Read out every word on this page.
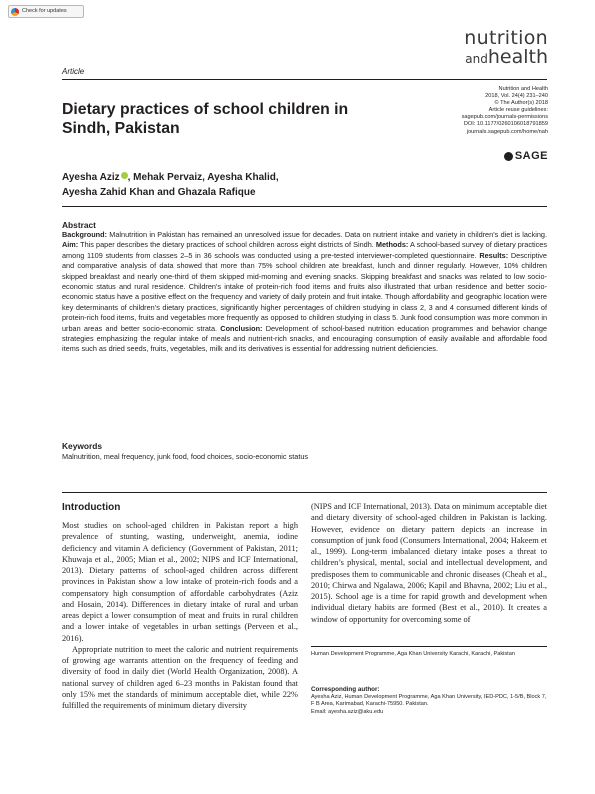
Check for updates
nutrition
andhealth
Article
Nutrition and Health
2018, Vol. 24(4) 231–240
© The Author(s) 2018
Article reuse guidelines:
sagepub.com/journals-permissions
DOI: 10.1177/0260106018791859
journals.sagepub.com/home/nah
SAGE
Dietary practices of school children in Sindh, Pakistan
Ayesha Aziz , Mehak Pervaiz, Ayesha Khalid,
Ayesha Zahid Khan and Ghazala Rafique
Abstract
Background: Malnutrition in Pakistan has remained an unresolved issue for decades. Data on nutrient intake and variety in children’s diet is lacking. Aim: This paper describes the dietary practices of school children across eight districts of Sindh. Methods: A school-based survey of dietary practices among 1109 students from classes 2–5 in 36 schools was conducted using a pre-tested interviewer-completed questionnaire. Results: Descriptive and comparative analysis of data showed that more than 75% school children ate breakfast, lunch and dinner regularly. However, 10% children skipped breakfast and nearly one-third of them skipped mid-morning and evening snacks. Skipping breakfast and snacks was related to low socio-economic status and rural residence. Children’s intake of protein-rich food items and fruits also illustrated that urban residence and better socio-economic status have a positive effect on the frequency and variety of daily protein and fruit intake. Though affordability and geographic location were key determinants of children’s dietary practices, significantly higher percentages of children studying in class 2, 3 and 4 consumed different kinds of protein-rich food items, fruits and vegetables more frequently as opposed to children studying in class 5. Junk food consumption was more common in urban areas and better socio-economic strata. Conclusion: Development of school-based nutrition education programmes and behavior change strategies emphasizing the regular intake of meals and nutrient-rich snacks, and encouraging consumption of easily available and affordable food items such as dried seeds, fruits, vegetables, milk and its derivatives is essential for addressing nutrient deficiencies.
Keywords
Malnutrition, meal frequency, junk food, food choices, socio-economic status
Introduction

Most studies on school-aged children in Pakistan report a high prevalence of stunting, wasting, underweight, anemia, iodine deficiency and vitamin A deficiency (Government of Pakistan, 2011; Khuwaja et al., 2005; Mian et al., 2002; NIPS and ICF International, 2013). Dietary patterns of school-aged children across different provinces in Pakistan show a low intake of protein-rich foods and a compensatory high consumption of affordable carbohydrates (Aziz and Hosain, 2014). Differences in dietary intake of rural and urban areas depict a lower consumption of meat and fruits in rural children and a lower intake of vegetables in urban settings (Perveen et al., 2016).

Appropriate nutrition to meet the caloric and nutrient requirements of growing age warrants attention on the frequency of feeding and diversity of food in daily diet (World Health Organization, 2008). A national survey of children aged 6–23 months in Pakistan found that only 15% met the standards of minimum acceptable diet, while 22% fulfilled the requirements of minimum dietary diversity

(NIPS and ICF International, 2013). Data on minimum acceptable diet and dietary diversity of school-aged children in Pakistan is lacking. However, evidence on dietary pattern depicts an increase in consumption of junk food (Consumers International, 2004; Hakeem et al., 1999). Long-term imbalanced dietary intake poses a threat to children’s physical, mental, social and intellectual development, and predisposes them to communicable and chronic diseases (Cheah et al., 2010; Chirwa and Ngalawa, 2006; Kapil and Bhavna, 2002; Liu et al., 2015). School age is a time for rapid growth and development when individual dietary habits are formed (Best et al., 2010). It creates a window of opportunity for overcoming some of

Human Development Programme, Aga Khan University Karachi, Karachi, Pakistan
Corresponding author:
Ayesha Aziz, Human Development Programme, Aga Khan University, IED-PDC, 1-5/B, Block 7, F B Area, Karimabad, Karachi-75950. Pakistan.
Email: ayesha.aziz@aku.edu
